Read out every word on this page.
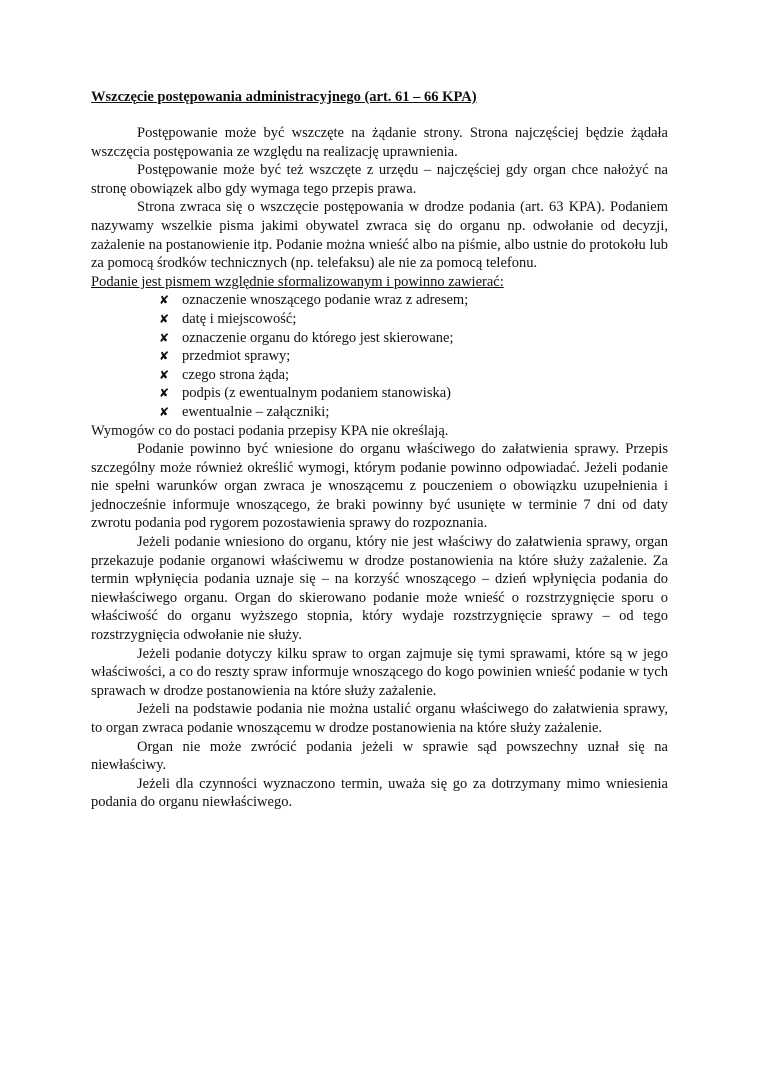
Wszczęcie postępowania administracyjnego (art. 61 – 66 KPA)

Postępowanie może być wszczęte na żądanie strony. Strona najczęściej będzie żądała wszczęcia postępowania ze względu na realizację uprawnienia.

Postępowanie może być też wszczęte z urzędu – najczęściej gdy organ chce nałożyć na stronę obowiązek albo gdy wymaga tego przepis prawa.

Strona zwraca się o wszczęcie postępowania w drodze podania (art. 63 KPA). Podaniem nazywamy wszelkie pisma jakimi obywatel zwraca się do organu np. odwołanie od decyzji, zażalenie na postanowienie itp. Podanie można wnieść albo na piśmie, albo ustnie do protokołu lub za pomocą środków technicznych (np. telefaksu) ale nie za pomocą telefonu.

Podanie jest pismem względnie sformalizowanym i powinno zawierać:

✘ oznaczenie wnoszącego podanie wraz z adresem;
✘ datę i miejscowość;
✘ oznaczenie organu do którego jest skierowane;
✘ przedmiot sprawy;
✘ czego strona żąda;
✘ podpis (z ewentualnym podaniem stanowiska)
✘ ewentualnie – załączniki;

Wymogów co do postaci podania przepisy KPA nie określają.

Podanie powinno być wniesione do organu właściwego do załatwienia sprawy. Przepis szczególny może również określić wymogi, którym podanie powinno odpowiadać. Jeżeli podanie nie spełni warunków organ zwraca je wnoszącemu z pouczeniem o obowiązku uzupełnienia i jednocześnie informuje wnoszącego, że braki powinny być usunięte w terminie 7 dni od daty zwrotu podania pod rygorem pozostawienia sprawy do rozpoznania.

Jeżeli podanie wniesiono do organu, który nie jest właściwy do załatwienia sprawy, organ przekazuje podanie organowi właściwemu w drodze postanowienia na które służy zażalenie. Za termin wpłynięcia podania uznaje się – na korzyść wnoszącego – dzień wpłynięcia podania do niewłaściwego organu. Organ do skierowano podanie może wnieść o rozstrzygnięcie sporu o właściwość do organu wyższego stopnia, który wydaje rozstrzygnięcie sprawy – od tego rozstrzygnięcia odwołanie nie służy.

Jeżeli podanie dotyczy kilku spraw to organ zajmuje się tymi sprawami, które są w jego właściwości, a co do reszty spraw informuje wnoszącego do kogo powinien wnieść podanie w tych sprawach w drodze postanowienia na które służy zażalenie.

Jeżeli na podstawie podania nie można ustalić organu właściwego do załatwienia sprawy, to organ zwraca podanie wnoszącemu w drodze postanowienia na które służy zażalenie.

Organ nie może zwrócić podania jeżeli w sprawie sąd powszechny uznał się na niewłaściwy.

Jeżeli dla czynności wyznaczono termin, uważa się go za dotrzymany mimo wniesienia podania do organu niewłaściwego.
